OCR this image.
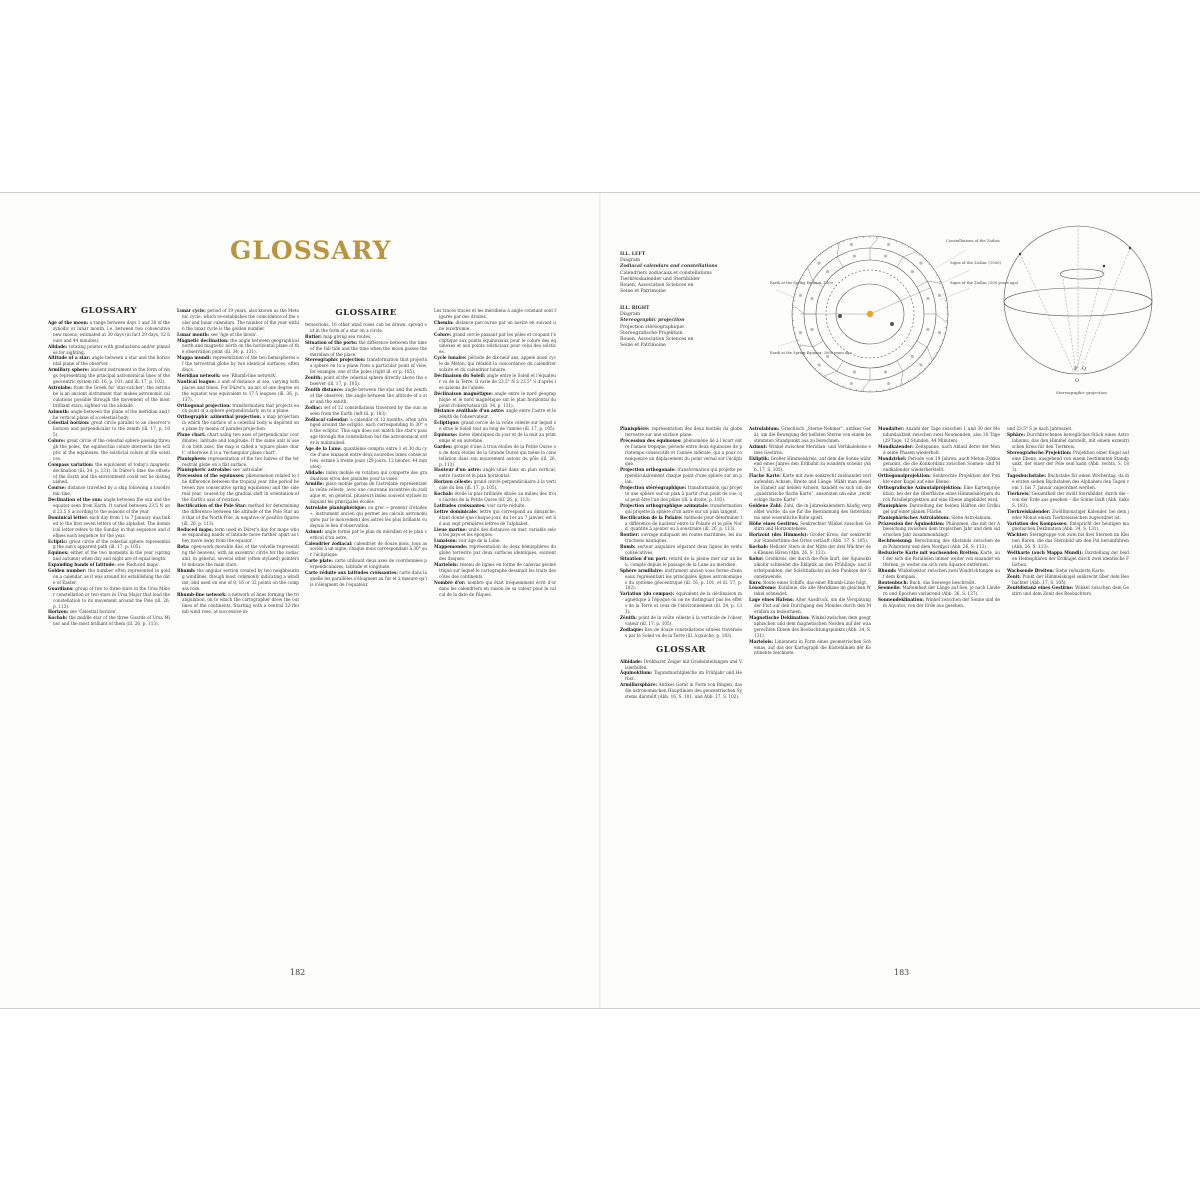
GLOSSARY
GLOSSARY

Age of the moon: a range between days 1 and 30 of the synodic or lunar month, i.e. between two consecutive new moons, estimated at 30 days (in fact 29 days, 12 hours and 44 minutes).

Alidade: rotating pointer with graduations and/or pinnules for sighting.

Altitude of a star: angle between a star and the horizontal plane of the observer.

Armillary sphere: ancient instrument in the form of rings representing the principal astronomical lines of the geocentric system (ill. 16, p. 101, and ill. 17, p. 102).

Astrolabe: from the Greek for 'star-catcher', the astrolabe is an ancient instrument that makes astronomic calculations possible through the movement of the most brilliant stars, sighted via the alidade.

Azimuth: angle between the plane of the meridian and the vertical plane of a celestial body.

Celestial horizon: great circle parallel to an observer's horizon and perpendicular to the zenith (ill. 17, p. 105).

Colure: great circle of the celestial sphere passing through the poles, the equinoctial colure intersects the ecliptic at the equinoxes, the solsticial colure at the solstices.

Compass variation: the equivalent of today's magnetic declination (ill. 34, p. 131). In Dürer's time the offsets of the Earth and the environment could not be distinguished.

Course: distance travelled by a ship following a loxodromic line.

Declination of the sun: angle between the sun and the equator seen from Earth. It varied between 23.5 N and 23.5 S according to the seasons of the year.

Dominical letter: each day from 1 to 7 January was linked to the first seven letters of the alphabet. The dominical letter refers to the Sunday in that sequence and defines each sequence for the year.

Ecliptic: great circle of the celestial sphere representing the sun's apparent path (ill. 17, p. 105).

Equinox: either of the two moments in the year (spring and autumn) when day and night are of equal length.

Expanding bands of latitude: see 'Reduced maps'.

Golden number: the number often represented in gold on a calendar, as it was around for establishing the date of Easter.

Guardians: group of two to three stars in the Ursa Minor constellation or two stars in Ursa Major that lead the constellation to its movement around the Pole (ill. 26, p. 113).

Horizon: see 'Celestial horizon'.

Kochab: the middle star of the three Guards of Ursa Minor and the most brilliant of them (ill. 26, p. 113).

Lunar cycle: period of 19 years, also known as the Metonic cycle, which re-establishes the coincidence of the solar and lunar calendars. The number of the year within the lunar cycle is the golden number.

Lunar month: see 'Age of the moon'.

Magnetic declination: the angle between geographical north and magnetic north on the horizontal plane of the observation point (ill. 34, p. 131).

Mappa mundi: representation of the two hemispheres of the terrestrial globe by two identical surfaces, often discs.

Meridian network: see 'Rhumb-line network'.

Nautical league: a unit of distance at sea, varying with places and times. For Dürer's, an arc of one degree on the equator was equivalent to 17.5 leagues (ill. 36, p. 137).

Orthogonal projection: transformation that projects each point of a sphere perpendicularly on to a plane.

Orthographic azimuthal projection: a map projection in which the surface of a celestial body is depicted on a plane by means of parallel projection.

Plane chart: chart using two axes of perpendicular coordinates, latitude and longitude. If the same unit is used on both axes, the map is called a 'square plane chart', otherwise it is a 'rectangular plane chart'.

Planisphere: representation of the two halves of the terrestrial globe on a flat surface.

Planispheric astrolabe: see 'astrolabe'.

Precession of the equinoxes: phenomenon related to the difference between the tropical year (the period between two consecutive spring equinoxes) and the sidereal year, caused by the gradual shift in orientation of the Earth's axis of rotation.

Rectification of the Pole Star: method for determining the difference between the altitude of the Pole Star and that of the North Pole, in negative or positive figures (ill. 26, p. 113).

Reduced maps: term used in Dürer's day for maps whose expanding bands of latitude move further apart as they move away from the equator.

Rota: open-work movable disc of the volvelle representing the heavens, with an excentric circle for the zodiac and, in general, several other (often stylised) pointers to indicate the main stars.

Rhumb: the angular section created by two neighbouring windlines, though most commonly indicating a windline, and used on one of 8, 16 or 32 points on the compass rose.

Rhumb-line network: a network of lines forming the triangulation, on to which the cartographer drew the outlines of the continents. Starting with a central 32-rhumb wind rose, at successive in-

GLOSSAIRE

tersections, 16 other wind roses can be drawn, spread out in the form of a star on a circle.

Rutter: map giving sea routes.

Situation of the ports: the difference between the time of the full tide and the time when the moon passes the meridian of the place.

Stereographic projection: transformation that projects a sphere on to a plane from a particular point of view, for example, one of the poles (right ill. or p. 185).

Zenith: point of the celestial sphere directly above the observer (ill. 17, p. 105).

Zenith distance: angle between the star and the zenith of the observer; the angle between the altitude of a star and the zenith.

Zodiac: set of 12 constellations traversed by the sun as seen from the Earth (left ill. p. 183).

Zodiacal calendar: a calendar of 12 months, often arranged around the ecliptic, each corresponding to 30° on the ecliptic. This sign does not match the star's passage through the constellation but the astronomical order is maintained.

Âge de la Lune: quantième compris entre 1 et 30 du cycle d'une lunaison entre deux nouvelles lunes consécutives, estimé à trente jours (29 jours, 12 heures, 44 minutes).

Alidade: index mobile en rotation qui comporte des graduations et/ou des pinnules pour la visée.

Armille: pièce mobile garnie de l'astrolabe représentant la voûte céleste, avec une couronne excentrée du zodiaque et, en général, plusieurs index souvent stylisés indiquant les principales étoiles.

Astrolabe planisphérique: ou grec « preneur d'étoiles », instrument ancien qui permet les calculs astronomiques par le mouvement des astres les plus brillants vu depuis le lieu d'observation.

Azimut: angle formé par le plan du méridien et le plan vertical d'un astre.

Calendrier zodiacal: calendrier de douze mois, tous associés à un signe, chaque mois correspondant à 30° sur l'écliptique.

Carte plate: carte utilisant deux axes de coordonnées perpendiculaires, latitude et longitude.

Carte réduite aux latitudes croissantes: carte dans laquelle les parallèles s'éloignent au fur et à mesure qu'ils s'éloignent de l'équateur.

Les traces tracés et les méridiens à angle constant sont figurés par des droites.

Chemin: distance parcourue par un navire en suivant une loxodromie.

Colure: grand cercle passant par les pôles et coupant l'écliptique aux points équinoxiaux pour le colure des équinoxes et aux points solsticiaux pour celui des solstices.

Cycle lunaire: période de dix-neuf ans, appelé aussi cycle de Méton, qui rétablit la concordance du calendrier solaire et du calendrier lunaire.

Déclinaison du Soleil: angle entre le Soleil et l'équateur vu de la Terre. Il varie de 23.5° N à 23.5° S d'après les saisons de l'année.

Déclinaison magnétique: angle entre le nord géographique et le nord magnétique sur le plan horizontal du point d'observation (ill. 34, p. 131).

Distance zénithale d'un astre: angle entre l'astre et le zénith de l'observateur.

Écliptique: grand cercle de la voûte céleste sur lequel se situe le Soleil tout au long de l'année (ill. 17, p. 105).

Équinoxe: dates identiques du jour et de la nuit au printemps et en automne.

Gardes: groupe d'une à trois étoiles de la Petite Ourse ou de deux étoiles de la Grande Ourse qui mène la constellation dans son mouvement autour du pôle (ill. 26, p. 113).

Hauteur d'un astre: angle situé dans un plan vertical, entre l'astre et le plan horizontal.

Horizon céleste: grand cercle perpendiculaire à la verticale du lieu (ill. 17, p. 105).

Kochab: étoile la plus brillante située au milieu des trois Gardes de la Petite Ourse (ill. 26, p. 113).

Latitudes croissantes: voir carte réduite.

Lettre dominicale: lettre qui correspond au dimanche, étant donné que chaque jour, du 1er au 7 janvier, est lié aux sept premières lettres de l'alphabet.

Lieue marine: unité des distances en mer, variable selon les pays et les époques.

Lunaison: voir âge de la Lune.

Mappemonde: représentation de deux hémisphères du globe terrestre par deux surfaces identiques, souvent des disques.

Martelois: réseau de lignes en forme de canevas géométrique sur lequel le cartographe dessinait les traits des côtes des continents.

Nombre d'or: nombre qui était fréquemment écrit d'or dans les calendriers en raison de sa valeur pour le calcul de la date de Pâques.

182
ILL. LEFT
Diagram
Zodiacal calendars and constellations
Calendriers zodiacaux et constellations
Tierkreiskalender und Sternbilder
Rouen, Association Sciences en
Seine et Patrimoine
ILL. RIGHT
Diagram
Stereographic projection
Projection stéréographique
Stereografische Projektion
Rouen, Association Sciences en
Seine et Patrimoine
Constellations of the Zodiac
Signs of the Zodiac (1500)
Signs of the Zodiac (500 years ago)
Earth at the Spring Equinox, 1500
Earth at the Spring Equinox, 2000 years ago
P Q
O
Stereographic projection

Planisphère: représentation des deux moitiés du globe terrestre sur une surface plane.

Précession des équinoxes: phénomène lié à l'écart entre l'année tropique, période entre deux équinoxes de printemps consécutifs et l'année sidérale, qui a pour conséquence un déplacement du point vernal sur l'écliptique.

Projection orthogonale: transformation qui projette perpendiculairement chaque point d'une sphère sur un plan.

Projection stéréographique: transformation qui projette une sphère sur un plan à partir d'un point de vue, qui peut être l'un des pôles (ill. à droite, p. 183).

Projection orthographique azimutale: transformation qui projette la sphère d'un astre sur un plan tangent.

Rectification de la Polaire: méthode pour déterminer la différence de hauteur entre la Polaire et le pôle Nord, quantité à ajouter ou à soustraire (ill. 26, p. 113).

Routier: ouvrage indiquant les routes maritimes, les instructions nautiques.

Rumb: secteur angulaire séparant deux lignes de vents consécutives.

Situation d'un port: retard de la pleine mer sur un lieu, compté depuis le passage de la Lune au méridien.

Sphère armillaire: instrument ancien sous forme d'anneaux représentant les principales lignes astronomiques du système géocentrique (ill. 16, p. 101, et ill. 17, p. 102).

Variation (du compas): équivalent de la déclinaison magnétique à l'époque où on ne distinguait pas les effets de la Terre et ceux de l'environnement (ill. 34, p. 131).

Zénith: point de la voûte céleste à la verticale de l'observateur (ill. 17, p. 105).

Zodiaque: lieu de douze constellations situées traversées par le Soleil vu de la Terre (ill. à gauche, p. 183).

GLOSSAR

Alhidade: Drehbarer Zeiger mit Gradeinteilungen und Visierhilfen.

Äquinoktium: Tagundnachtgleiche im Frühjahr und Herbst.

Armillarsphäre: Antikes Gerät in Form von Ringen, das die astronomischen Hauptlinien des geozentrischen Systems darstellt (Abb. 16, S. 101, und Abb. 17, S. 102).

Astrolabium: Griechisch „Sterne-Nehmer“, antikes Gerät, um die Bewegung der hellsten Sterne von einem bestimmten Standpunkt aus zu berechnen.

Azimut: Winkel zwischen Meridian- und Vertikalebene eines Gestirns.

Ekliptik: Großer Himmelskreis, auf dem die Sonne während eines Jahres den Erdbahn zu wandern scheint (Abb. 17, S. 105).

Flache Karte: Karte mit zwei senkrecht zueinander verlaufenden Achsen, Breite und Länge. Wählt man dieselbe Einheit auf beiden Achsen, handelt es sich um die „quadratische flache Karte“, ansonsten um eine „rechteckige flache Karte“.

Goldene Zahl: Zahl, die in Jahreskalendern häufig vergoldet wurde, da sie für die Bestimmung des Osterdatums eine wesentliche Rolle spielt.

Höhe eines Gestirns: Senkrechter Winkel zwischen Gestirn und Horizontebene.

Horizont (des Himmels): Großer Kreis, der senkrecht zur Standortlinie des Ortes verläuft (Abb. 17, S. 105).

Kochab: Hellster Stern in der Mitte der drei Wächter des Kleinen Bären (Abb. 26, S. 113).

Kolur: Großkreis, der durch die Pole läuft, der Äquinoktialkolur schneidet die Ekliptik an den Frühlings- und Herbstpunkten, der Solstitialkolur an den Punkten der Sonnenwende.

Kurs: Route eines Schiffs, das einer Rhumb-Linie folgt.

Loxodrome: Kurslinie, die alle Meridiane im gleichen Winkel schneidet.

Lage eines Hafens: Alter Ausdruck, um die Verspätung der Flut auf den Durchgang des Mondes durch den Meridian zu bezeichnen.

Magnetische Deklination: Winkel zwischen dem geographischen und dem magnetischen Norden auf der waagerechten Ebene des Beobachtungspunkts (Abb. 34, S. 131).

Martelois: Liniennetz in Form eines geometrischen Schemas, auf das der Kartograph die Küstenlinien der Kontinente zeichnete.

Mondalter: Anzahl der Tage zwischen 1 und 30 der Mondumlaufzeit zwischen zwei Neumonden, also 30 Tage (29 Tage, 12 Stunden, 44 Minuten).

Mondkalender: Zeitspanne, nach Ablauf derer der Mond seine Phasen wiederholt.

Mondzirkel: Periode von 19 Jahren, auch Meton-Zyklus genannt, die die Konkordanz zwischen Sonnen- und Mondkalender wiederherstellt.

Orthogonalprojektion: Senkrechte Projektion der Punkte einer Kugel auf eine Ebene.

Orthografische Azimutalprojektion: Eine Kartenprojektion, bei der die Oberfläche eines Himmelskörpers durch Parallelprojektion auf eine Ebene abgebildet wird.

Planisphäre: Darstellung der beiden Hälften der Erdkugel auf einer planen Fläche.

Planisphärisches Astrolabium: Siehe Astrolabium.

Präzession der Äquinoktien: Phänomen, das mit der Abweichung zwischen dem tropischen Jahr und dem siderischen Jahr zusammenhängt.

Rechtweisung: Berechnung des Abstands zwischen dem Polarstern und dem Nordpol (Abb. 26, S. 113).

Reduzierte Karte mit wachsenden Breiten: Karte, auf der sich die Parallelen immer weiter von einander entfernen, je weiter sie sich vom Äquator entfernen.

Rhumb: Winkelsektor zwischen zwei Windrichtungen auf dem Kompass.

Routenbuch: Buch, das Seewege beschreibt.

Seemeile: Maßeinheit der Länge auf See, je nach Ländern und Epochen variierend (Abb. 36, S. 137).

Sonnendeklination: Winkel zwischen der Sonne und dem Äquator, von der Erde aus gesehen.

und 23.5° S je nach Jahreszeit.

Sphäre: Durchbrochenes bewegliches Stück eines Astrolabiums, das den Himmel darstellt, mit einem exzentrischen Kreis für den Tierkreis.

Stereografische Projektion: Projektion einer Kugel auf eine Ebene, ausgehend von einem bestimmten Standpunkt, der einer der Pole sein kann (Abb. rechts, S. 183).

Tagesbuchstabe: Buchstabe für einen Wochentag, da die ersten sieben Buchstaben des Alphabets den Tagen vom 1. bis 7. Januar zugeordnet werden.

Tierkreis: Gesamtheit der zwölf Sternbilder, durch die – von der Erde aus gesehen – die Sonne läuft (Abb. links S. 183).

Tierkreiskalender: Zwölfmonatiger Kalender, bei dem jeder Monat einem Tierkreiszeichen zugeordnet ist.

Variation des Kompasses: Entspricht der heutigen magnetischen Deklination (Abb. 34, S. 131).

Wächter: Sterngruppe von zwei bis drei Sternen im Kleinen Bären, die das Sternbild um den Pol herumführen (Abb. 26, S. 113).

Weltkarte (auch Mappa Mundi): Darstellung der beiden Hemisphären der Erdkugel durch zwei identische Flächen.

Wachsende Breiten: Siehe reduzierte Karte.

Zenit: Punkt der Himmelskugel senkrecht über dem Beobachter (Abb. 17, S. 105).

Zenitdistanz eines Gestirns: Winkel zwischen dem Gestirn und dem Zenit des Beobachters.

183
